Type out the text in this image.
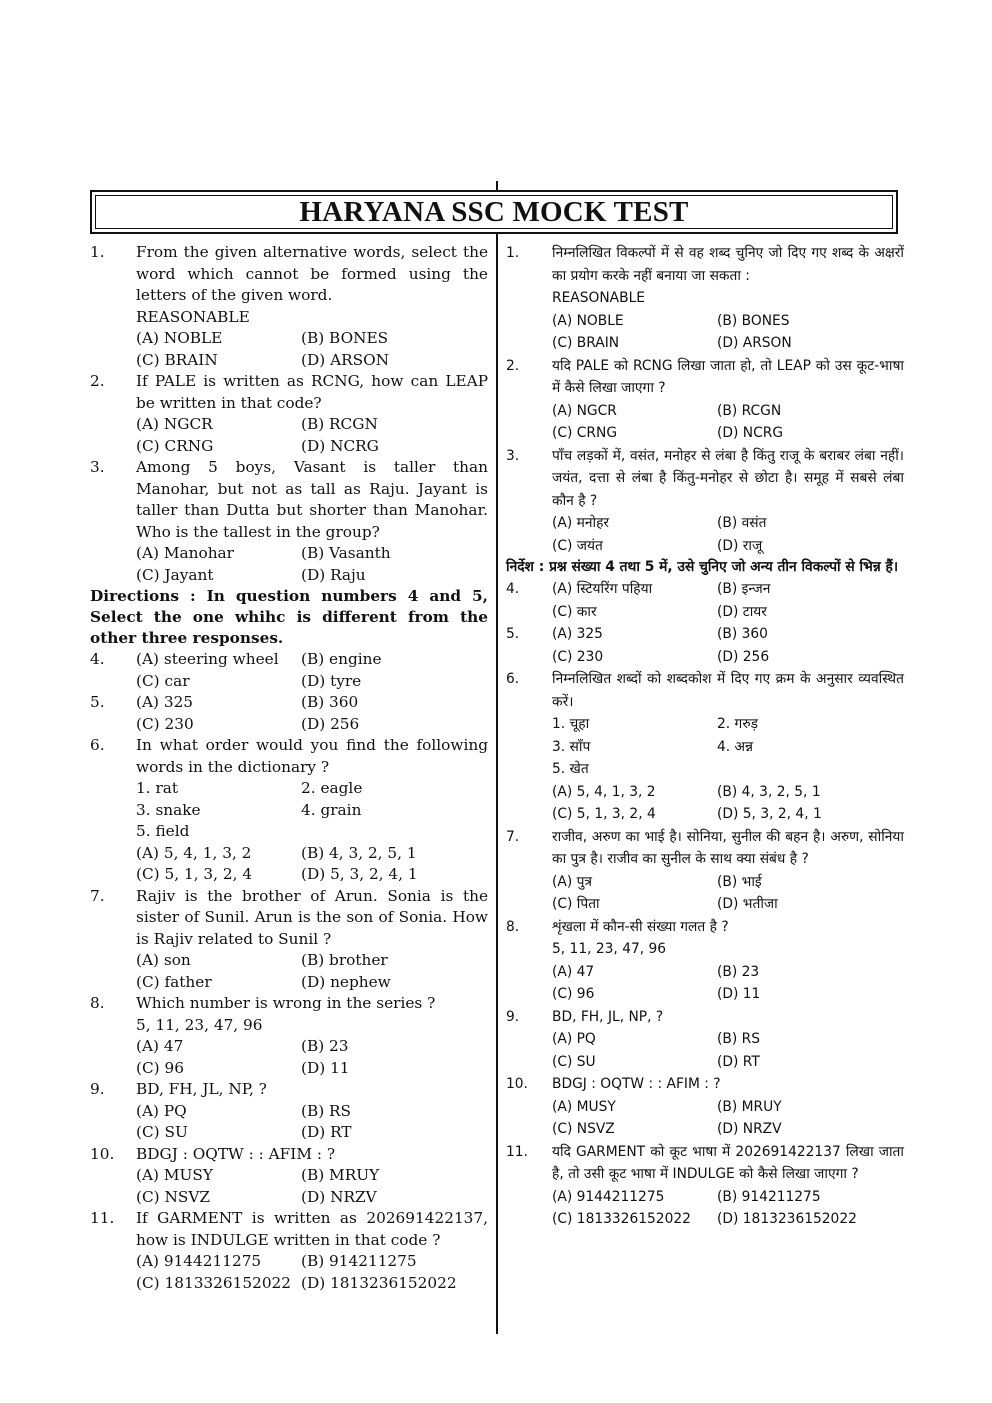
HARYANA SSC MOCK TEST
1. From the given alternative words, select the word which cannot be formed using the letters of the given word.
REASONABLE
(A) NOBLE	(B) BONES
(C) BRAIN	(D) ARSON
2. If PALE is written as RCNG, how can LEAP be written in that code?
(A) NGCR	(B) RCGN
(C) CRNG	(D) NCRG
3. Among 5 boys, Vasant is taller than Manohar, but not as tall as Raju. Jayant is taller than Dutta but shorter than Manohar. Who is the tallest in the group?
(A) Manohar	(B) Vasanth
(C) Jayant	(D) Raju
Directions : In question numbers 4 and 5, Select the one whihc is different from the other three responses.
4. (A) steering wheel	(B) engine
(C) car	(D) tyre
5. (A) 325	(B) 360
(C) 230	(D) 256
6. In what order would you find the following words in the dictionary ?
1. rat	2. eagle
3. snake	4. grain
5. field
(A) 5, 4, 1, 3, 2	(B) 4, 3, 2, 5, 1
(C) 5, 1, 3, 2, 4	(D) 5, 3, 2, 4, 1
7. Rajiv is the brother of Arun. Sonia is the sister of Sunil. Arun is the son of Sonia. How is Rajiv related to Sunil ?
(A) son	(B) brother
(C) father	(D) nephew
8. Which number is wrong in the series ?
5, 11, 23, 47, 96
(A) 47	(B) 23
(C) 96	(D) 11
9. BD, FH, JL, NP, ?
(A) PQ	(B) RS
(C) SU	(D) RT
10. BDGJ : OQTW : : AFIM : ?
(A) MUSY	(B) MRUY
(C) NSVZ	(D) NRZV
11. If GARMENT is written as 202691422137, how is INDULGE written in that code ?
(A) 9144211275	(B) 914211275
(C) 1813326152022 (D) 1813236152022
1. निम्नलिखित विकल्पों में से वह शब्द चुनिए जो दिए गए शब्द के अक्षरों का प्रयोग करके नहीं बनाया जा सकता :
REASONABLE
(A) NOBLE	(B) BONES
(C) BRAIN	(D) ARSON
2. यदि PALE को RCNG लिखा जाता हो, तो LEAP को उस कूट-भाषा में कैसे लिखा जाएगा ?
(A) NGCR	(B) RCGN
(C) CRNG	(D) NCRG
3. पाँच लड़कों में, वसंत, मनोहर से लंबा है किंतु राजू के बराबर लंबा नहीं। जयंत, दत्ता से लंबा है किंतु-मनोहर से छोटा है। समूह में सबसे लंबा कौन है ?
(A) मनोहर	(B) वसंत
(C) जयंत	(D) राजू
निर्देश : प्रश्न संख्या 4 तथा 5 में, उसे चुनिए जो अन्य तीन विकल्पों से भिन्न हैं।
4. (A) स्टियरिंग पहिया	(B) इन्जन
(C) कार	(D) टायर
5. (A) 325	(B) 360
(C) 230	(D) 256
6. निम्नलिखित शब्दों को शब्दकोश में दिए गए क्रम के अनुसार व्यवस्थित करें।
1. चूहा	2. गरुड़
3. साँप	4. अन्न
5. खेत
(A) 5, 4, 1, 3, 2	(B) 4, 3, 2, 5, 1
(C) 5, 1, 3, 2, 4	(D) 5, 3, 2, 4, 1
7. राजीव, अरुण का भाई है। सोनिया, सुनील की बहन है। अरुण, सोनिया का पुत्र है। राजीव का सुनील के साथ क्या संबंध है ?
(A) पुत्र	(B) भाई
(C) पिता	(D) भतीजा
8. शृंखला में कौन-सी संख्या गलत है ?
5, 11, 23, 47, 96
(A) 47	(B) 23
(C) 96	(D) 11
9. BD, FH, JL, NP, ?
(A) PQ	(B) RS
(C) SU	(D) RT
10. BDGJ : OQTW : : AFIM : ?
(A) MUSY	(B) MRUY
(C) NSVZ	(D) NRZV
11. यदि GARMENT को कूट भाषा में 202691422137 लिखा जाता है, तो उसी कूट भाषा में INDULGE को कैसे लिखा जाएगा ?
(A) 9144211275	(B) 914211275
(C) 1813326152022	(D) 1813236152022
